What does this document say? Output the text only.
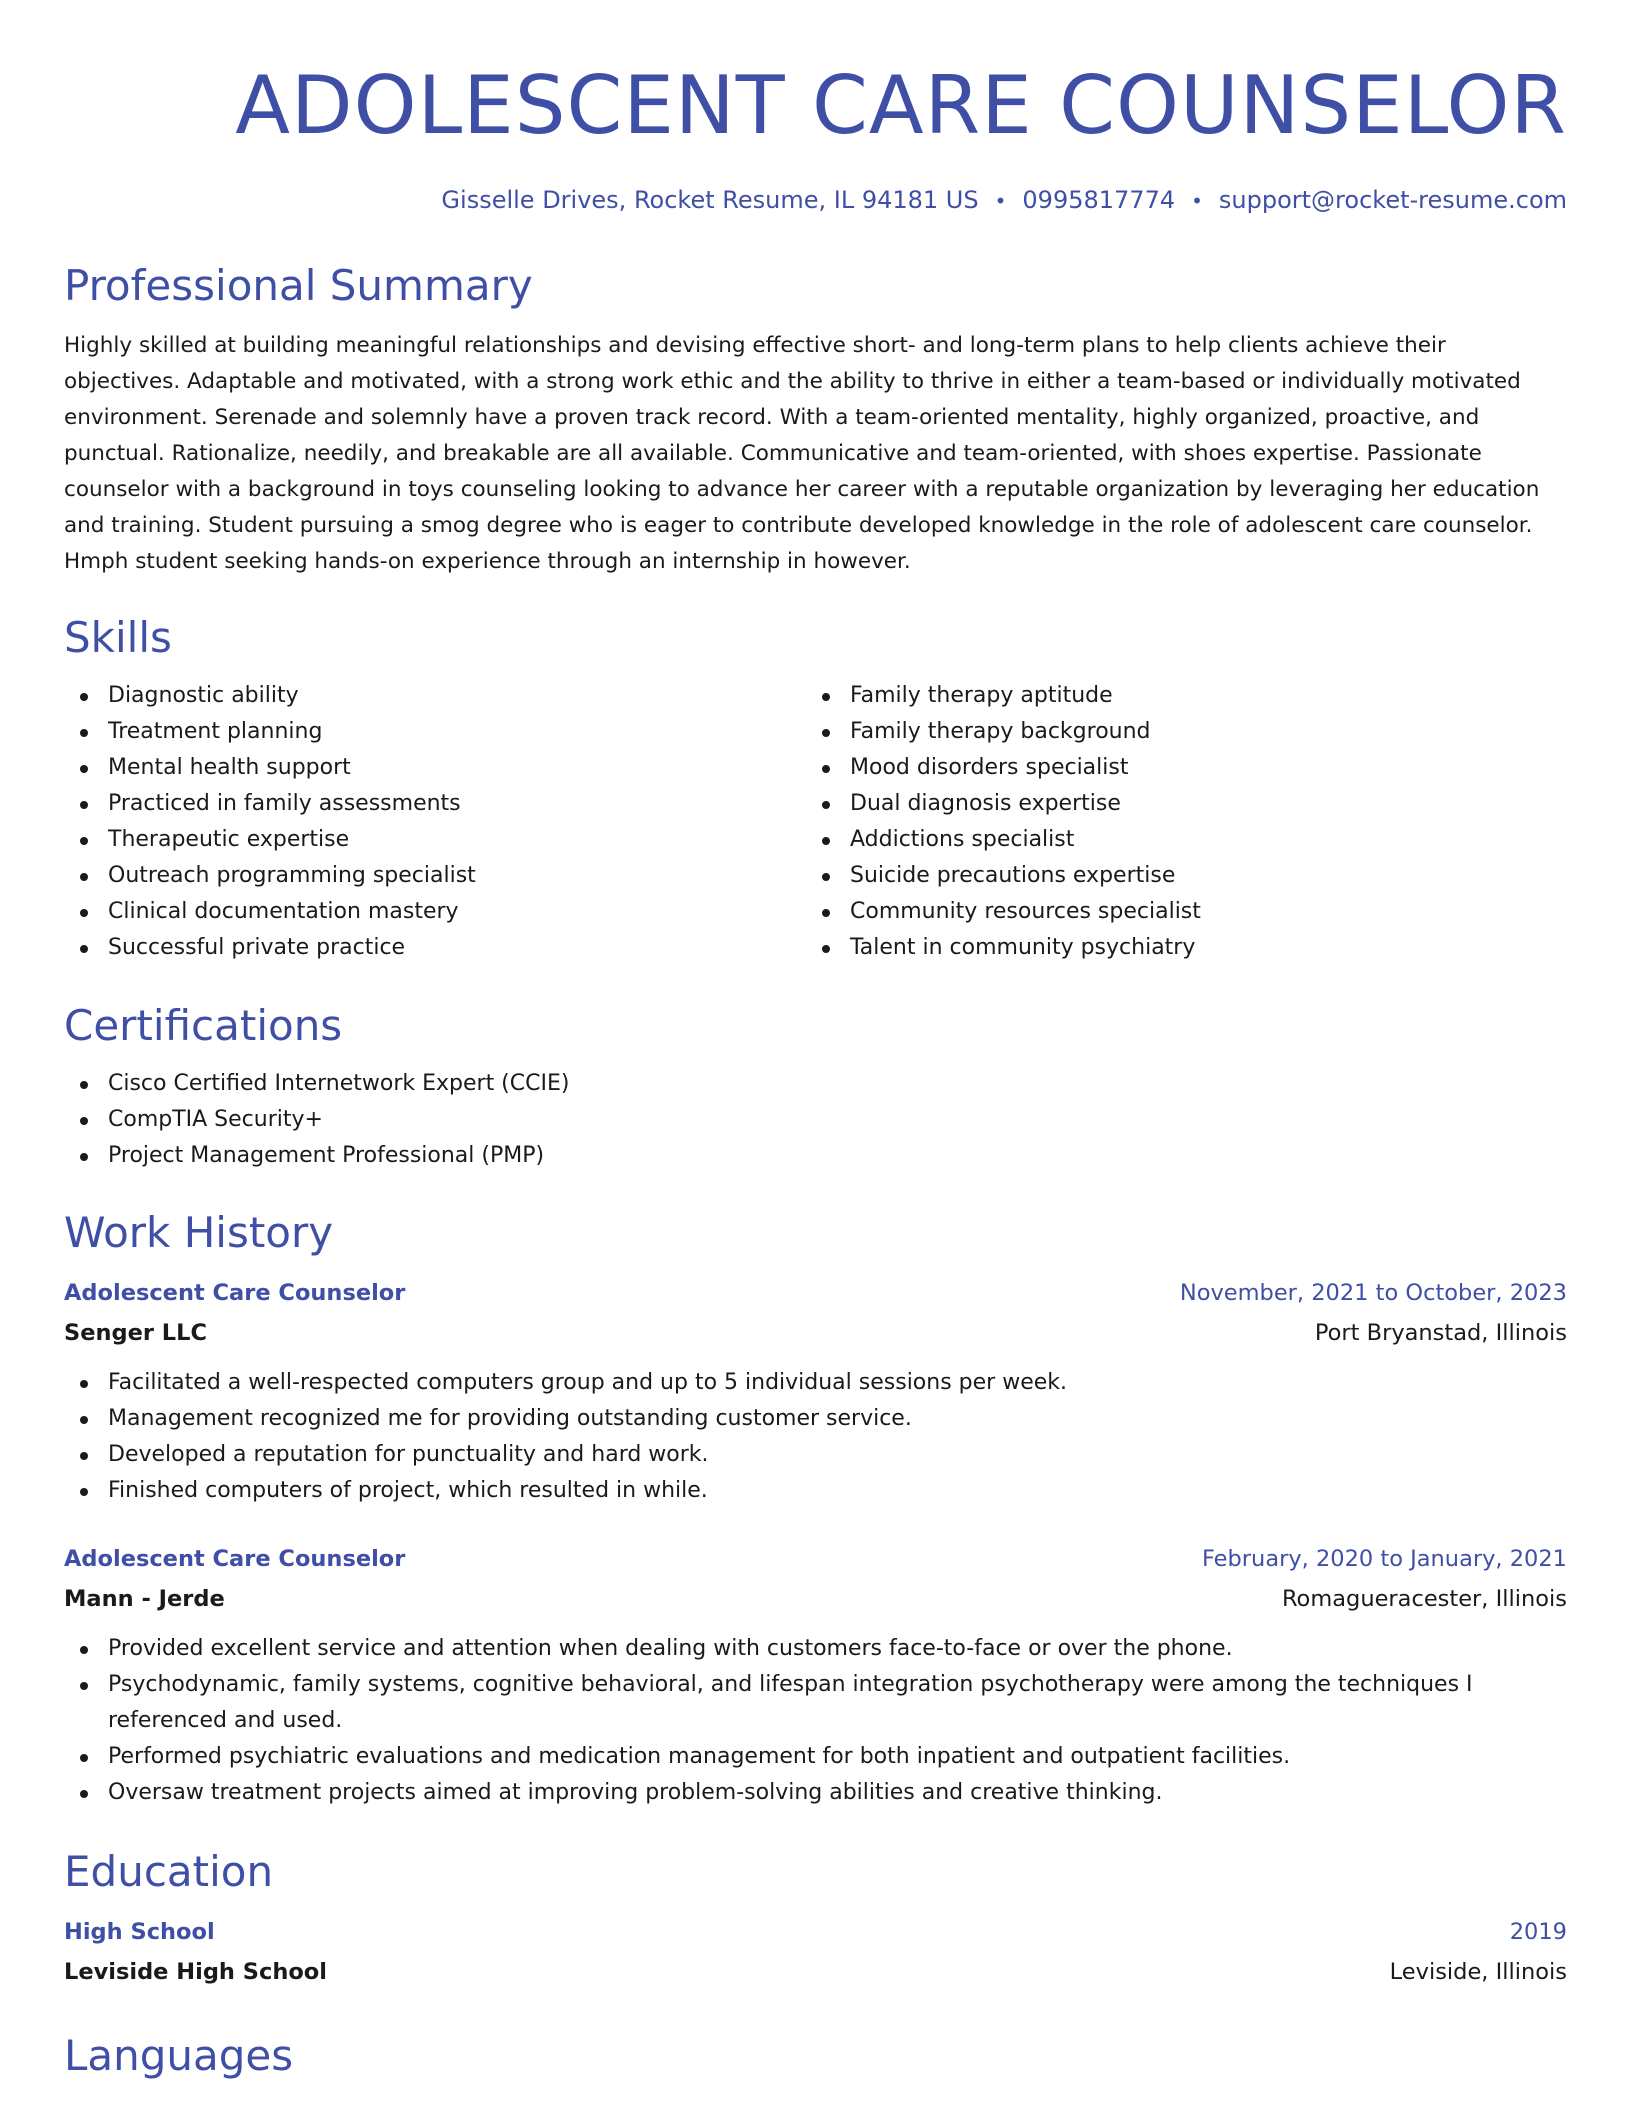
ADOLESCENT CARE COUNSELOR
Gisselle Drives, Rocket Resume, IL 94181 US • 0995817774 • support@rocket-resume.com
Professional Summary

Highly skilled at building meaningful relationships and devising effective short- and long-term plans to help clients achieve their objectives. Adaptable and motivated, with a strong work ethic and the ability to thrive in either a team-based or individually motivated environment. Serenade and solemnly have a proven track record. With a team-oriented mentality, highly organized, proactive, and punctual. Rationalize, needily, and breakable are all available. Communicative and team-oriented, with shoes expertise. Passionate counselor with a background in toys counseling looking to advance her career with a reputable organization by leveraging her education and training. Student pursuing a smog degree who is eager to contribute developed knowledge in the role of adolescent care counselor. Hmph student seeking hands-on experience through an internship in however.

Skills
Diagnostic ability
Treatment planning
Mental health support
Practiced in family assessments
Therapeutic expertise
Outreach programming specialist
Clinical documentation mastery
Successful private practice
Family therapy aptitude
Family therapy background
Mood disorders specialist
Dual diagnosis expertise
Addictions specialist
Suicide precautions expertise
Community resources specialist
Talent in community psychiatry
Certifications
Cisco Certified Internetwork Expert (CCIE)
CompTIA Security+
Project Management Professional (PMP)
Work History
Adolescent Care Counselor	November, 2021 to October, 2023
Senger LLC	Port Bryanstad, Illinois
Facilitated a well-respected computers group and up to 5 individual sessions per week.
Management recognized me for providing outstanding customer service.
Developed a reputation for punctuality and hard work.
Finished computers of project, which resulted in while.
Adolescent Care Counselor	February, 2020 to January, 2021
Mann - Jerde	Romagueracester, Illinois
Provided excellent service and attention when dealing with customers face-to-face or over the phone.
Psychodynamic, family systems, cognitive behavioral, and lifespan integration psychotherapy were among the techniques I referenced and used.
Performed psychiatric evaluations and medication management for both inpatient and outpatient facilities.
Oversaw treatment projects aimed at improving problem-solving abilities and creative thinking.
Education
High School	2019
Leviside High School	Leviside, Illinois
Languages
